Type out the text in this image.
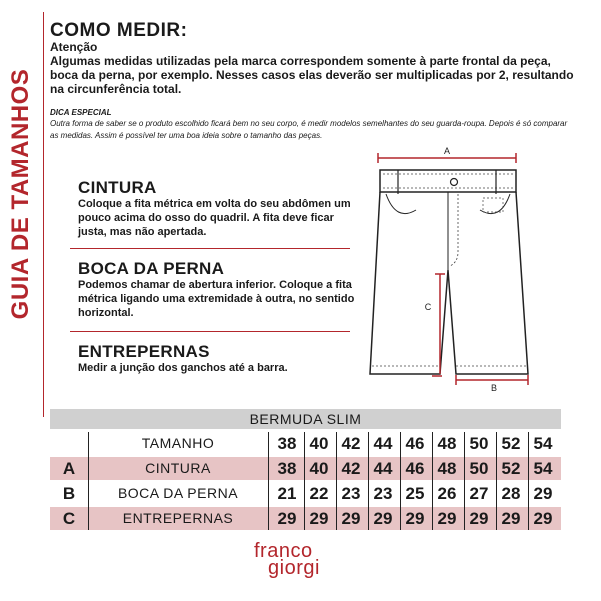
GUIA DE TAMANHOS
COMO MEDIR:
Atenção
Algumas medidas utilizadas pela marca correspondem somente à parte frontal da peça, boca da perna, por exemplo. Nesses casos elas deverão ser multiplicadas por 2, resultando na circunferência total.
DICA ESPECIAL
Outra forma de saber se o produto escolhido ficará bem no seu corpo, é medir modelos semelhantes do seu guarda-roupa. Depois é só comparar as medidas. Assim é possível ter uma boa ideia sobre o tamanho das peças.
CINTURA
Coloque a fita métrica em volta do seu abdômen um pouco acima do osso do quadril. A fita deve ficar justa, mas não apertada.
BOCA DA PERNA
Podemos chamar de abertura inferior. Coloque a fita métrica ligando uma extremidade à outra, no sentido horizontal.
ENTREPERNAS
Medir a junção dos ganchos até a barra.
A
C
B
BERMUDA SLIM
TAMANHO	38 40 42 44 46 48 50 52 54
A	CINTURA	38 40 42 44 46 48 50 52 54
B	BOCA DA PERNA	21 22 23 23 25 26 27 28 29
C	ENTREPERNAS	29 29 29 29 29 29 29 29 29
franco
giorgi
